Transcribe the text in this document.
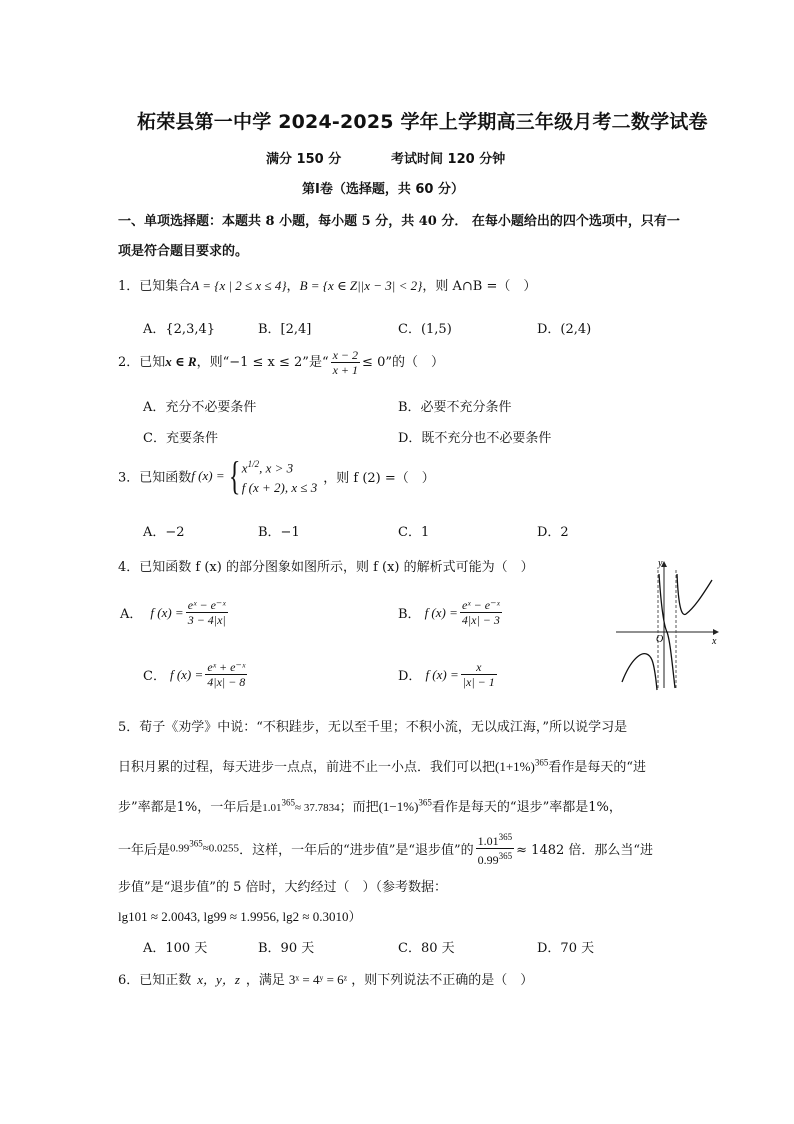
柘荣县第一中学 2024-2025 学年上学期高三年级月考二数学试卷
满分 150 分	考试时间 120 分钟
第Ⅰ卷（选择题，共 60 分）
一、单项选择题：本题共 8 小题，每小题 5 分，共 40 分． 在每小题给出的四个选项中，只有一
项是符合题目要求的。
1．已知集合A = {x | 2 ≤ x ≤ 4}，B = {x ∈ Z||x − 3| < 2}，则 A∩B =（　）
A．{2,3,4}	B．[2,4]	C．(1,5)	D．(2,4)
2．已知x ∈ R，则“−1 ≤ x ≤ 2”是“ $\frac{x - 2}{x + 1} \le 0$”的（　）
A．充分不必要条件	B．必要不充分条件
C．充要条件	D．既不充分也不必要条件
3．已知函数f (x) ={ $x^{1/2}$, x > 3
f (x + 2), x ≤ 3
，则 f (2) =（　）
A．−2	B．−1	C．1	D．2
4．已知函数 f (x) 的部分图象如图所示，则 f (x) 的解析式可能为（　）
A． f $(x) = \frac{\text{eˣ − e⁻ˣ}}{3 - 4|x|}$	B． f $(x) = \frac{\text{eˣ − e⁻ˣ}}{4|x| - 3}$
C． f $(x) = \frac{\text{eˣ + e⁻ˣ}}{4|x| - 8}$	D． f $(x) = \frac{x}{|x| - 1}$
y
x
O
5．荀子《劝学》中说：“不积跬步，无以至千里；不积小流，无以成江海，”所以说学习是
日积月累的过程，每天进步一点点，前进不止一小点．我们可以把$(1+1\%)^{365}$看作是每天的“进
步”率都是1%，一年后是$1.01^{365}\approx 37.7834$；而把$(1-1\%)^{365}$看作是每天的“退步”率都是1%，
一年后是$0.99^{365}\approx 0.0255$．这样，一年后的“进步值”是“退步值”的 $\frac{1.01^{365}}{0.99^{365}} \approx 1482$ 倍．那么当“进
步值”是“退步值”的 5 倍时，大约经过（　）（参考数据：
lg101 ≈ 2.0043, lg99 ≈ 1.9956, lg2 ≈ 0.3010）
A．100 天	B．90 天	C．80 天	D．70 天
6．已知正数 x，y，z ，满足 3ˣ = 4ʸ = 6ᶻ ，则下列说法不正确的是（　）
